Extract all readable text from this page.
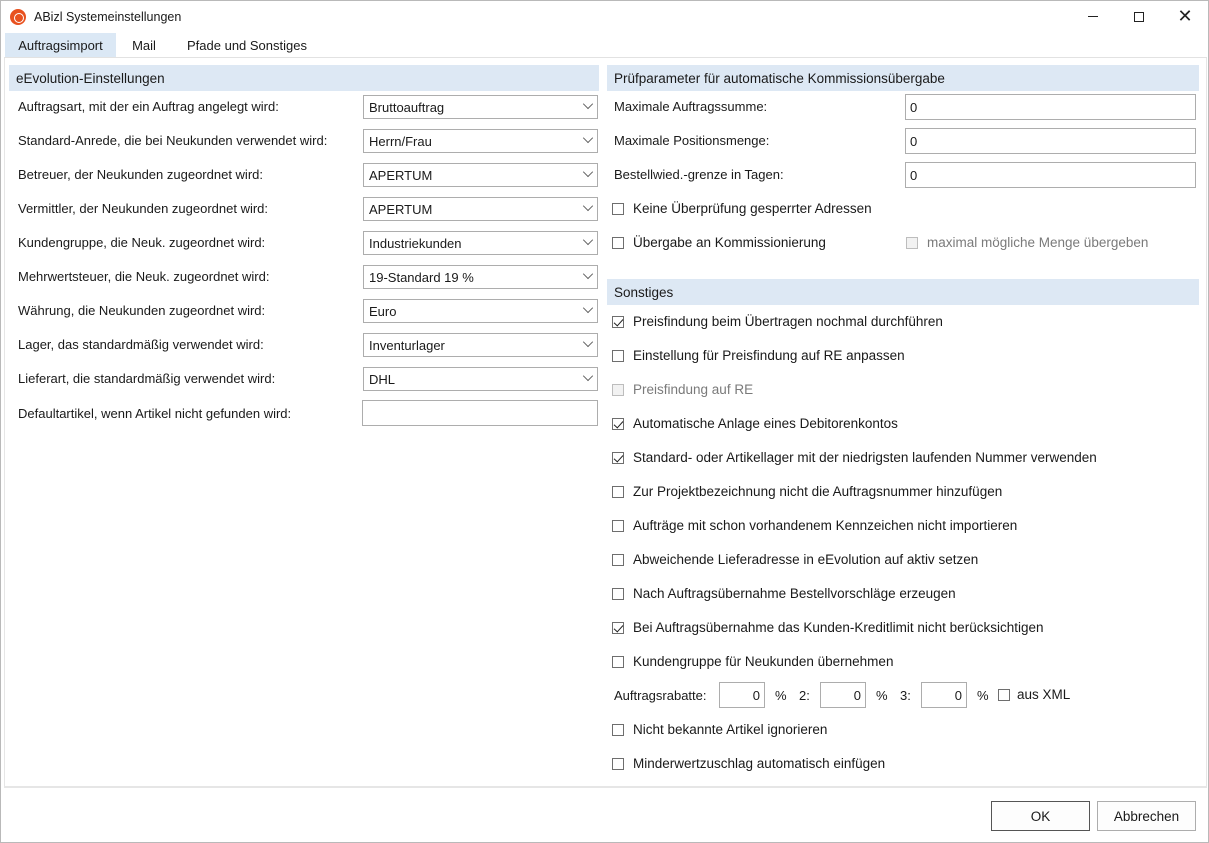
ABizl Systemeinstellungen	✕
Auftragsimport	Mail	Pfade und Sonstiges
eEvolution-Einstellungen
Auftragsart, mit der ein Auftrag angelegt wird:	Bruttoauftrag
Standard-Anrede, die bei Neukunden verwendet wird:	Herrn/Frau
Betreuer, der Neukunden zugeordnet wird:	APERTUM
Vermittler, der Neukunden zugeordnet wird:	APERTUM
Kundengruppe, die Neuk. zugeordnet wird:	Industriekunden
Mehrwertsteuer, die Neuk. zugeordnet wird:	19-Standard 19 %
Währung, die Neukunden zugeordnet wird:	Euro
Lager, das standardmäßig verwendet wird:	Inventurlager
Lieferart, die standardmäßig verwendet wird:	DHL
Defaultartikel, wenn Artikel nicht gefunden wird:
Prüfparameter für automatische Kommissionsübergabe
Maximale Auftragssumme:	0
Maximale Positionsmenge:	0
Bestellwied.-grenze in Tagen:	0
Keine Überprüfung gesperrter Adressen
Übergabe an Kommissionierung	maximal mögliche Menge übergeben
Sonstiges
Preisfindung beim Übertragen nochmal durchführen
Einstellung für Preisfindung auf RE anpassen
Preisfindung auf RE
Automatische Anlage eines Debitorenkontos
Standard- oder Artikellager mit der niedrigsten laufenden Nummer verwenden
Zur Projektbezeichnung nicht die Auftragsnummer hinzufügen
Aufträge mit schon vorhandenem Kennzeichen nicht importieren
Abweichende Lieferadresse in eEvolution auf aktiv setzen
Nach Auftragsübernahme Bestellvorschläge erzeugen
Bei Auftragsübernahme das Kunden-Kreditlimit nicht berücksichtigen
Kundengruppe für Neukunden übernehmen
Auftragsrabatte:	0	% 2:	0	% 3:	0	% aus XML
Nicht bekannte Artikel ignorieren
Minderwertzuschlag automatisch einfügen
OK	Abbrechen
